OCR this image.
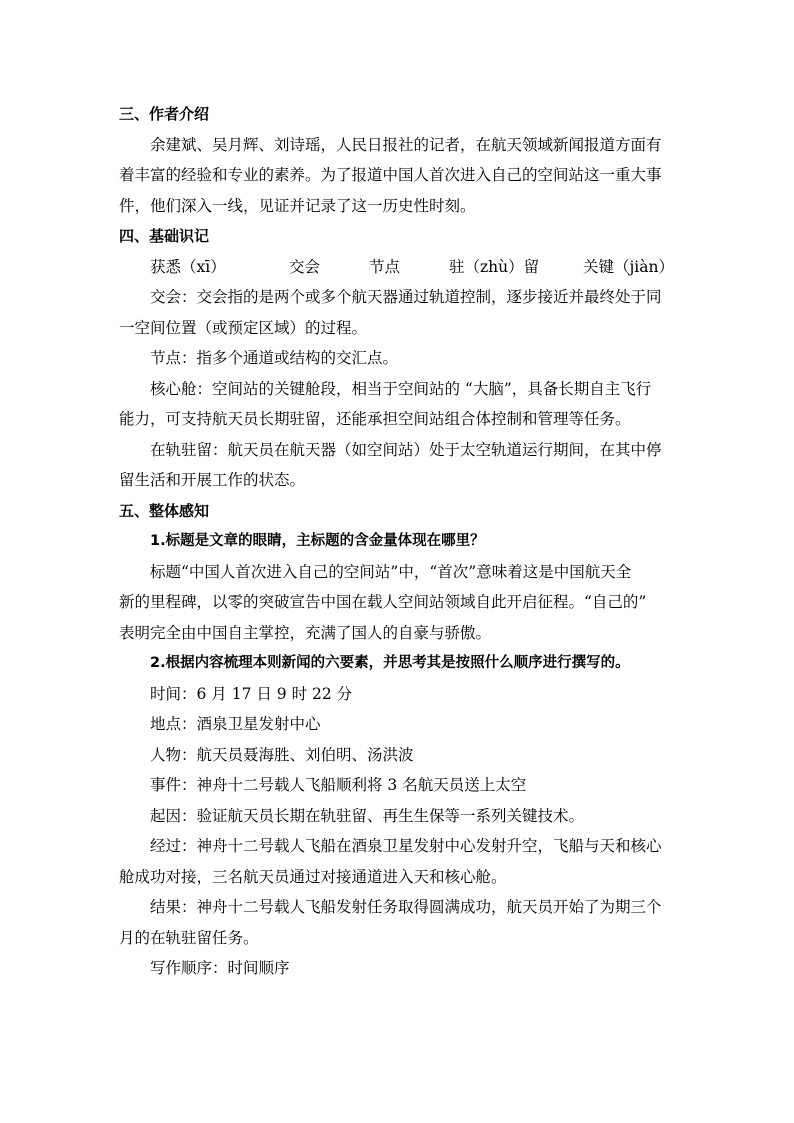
三、作者介绍
余建斌、吴月辉、刘诗瑶，人民日报社的记者，在航天领域新闻报道方面有
着丰富的经验和专业的素养。为了报道中国人首次进入自己的空间站这一重大事
件，他们深入一线，见证并记录了这一历史性时刻。
四、基础识记
获悉（xī）	交会	节点	驻（zhù）留	关键（jiàn）
交会：交会指的是两个或多个航天器通过轨道控制，逐步接近并最终处于同
一空间位置（或预定区域）的过程。
节点：指多个通道或结构的交汇点。
核心舱：空间站的关键舱段，相当于空间站的 “大脑”，具备长期自主飞行
能力，可支持航天员长期驻留，还能承担空间站组合体控制和管理等任务。
在轨驻留：航天员在航天器（如空间站）处于太空轨道运行期间，在其中停
留生活和开展工作的状态。
五、整体感知
1.标题是文章的眼睛，主标题的含金量体现在哪里？
标题“中国人首次进入自己的空间站”中，“首次”意味着这是中国航天全
新的里程碑，以零的突破宣告中国在载人空间站领域自此开启征程。“自己的”
表明完全由中国自主掌控，充满了国人的自豪与骄傲。
2.根据内容梳理本则新闻的六要素，并思考其是按照什么顺序进行撰写的。
时间：6 月 17 日 9 时 22 分
地点：酒泉卫星发射中心
人物：航天员聂海胜、刘伯明、汤洪波
事件：神舟十二号载人飞船顺利将 3 名航天员送上太空
起因：验证航天员长期在轨驻留、再生生保等一系列关键技术。
经过：神舟十二号载人飞船在酒泉卫星发射中心发射升空，飞船与天和核心
舱成功对接，三名航天员通过对接通道进入天和核心舱。
结果：神舟十二号载人飞船发射任务取得圆满成功，航天员开始了为期三个
月的在轨驻留任务。
写作顺序：时间顺序
